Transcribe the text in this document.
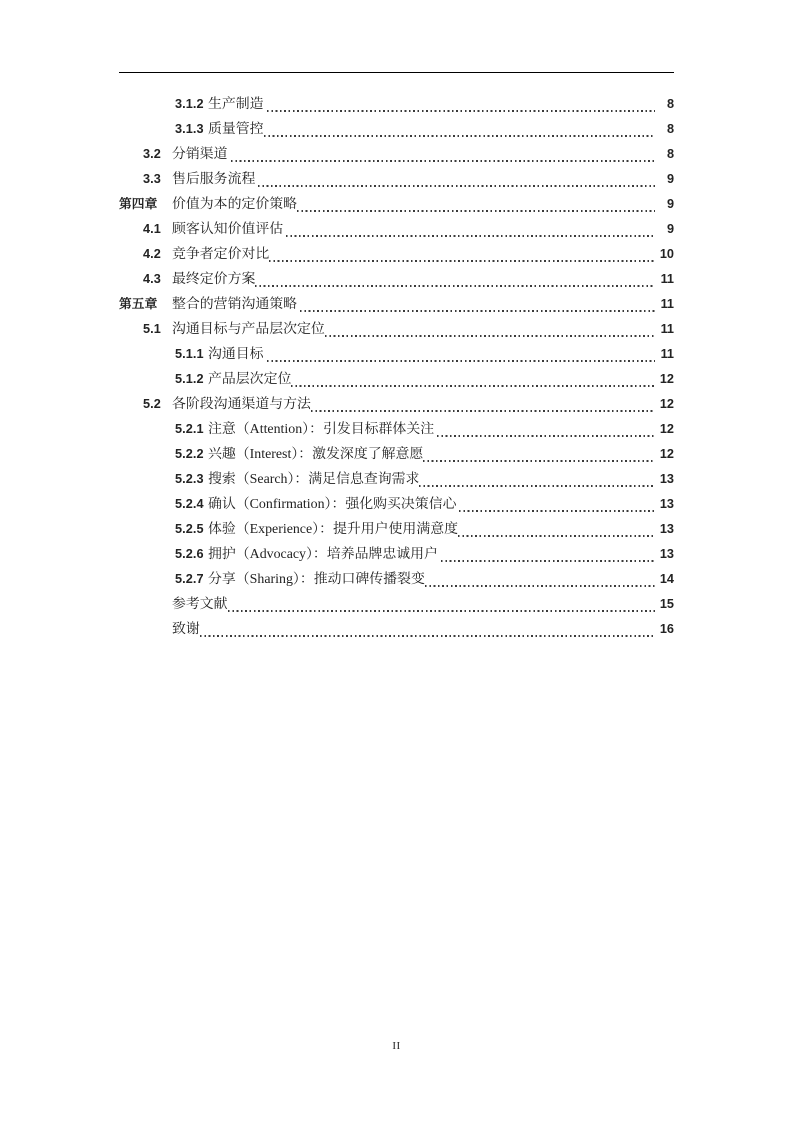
3.1.2 生产制造	8
3.1.3 质量管控	8
3.2 分销渠道	8
3.3 售后服务流程	9
第四章	价值为本的定价策略	9
4.1 顾客认知价值评估	9
4.2 竞争者定价对比	10
4.3 最终定价方案	11
第五章	整合的营销沟通策略	11
5.1 沟通目标与产品层次定位	11
5.1.1 沟通目标	11
5.1.2 产品层次定位	12
5.2 各阶段沟通渠道与方法	12
5.2.1 注意（Attention）：引发目标群体关注	12
5.2.2 兴趣（Interest）：激发深度了解意愿	12
5.2.3 搜索（Search）：满足信息查询需求	13
5.2.4 确认（Confirmation）：强化购买决策信心	13
5.2.5 体验（Experience）：提升用户使用满意度	13
5.2.6 拥护（Advocacy）：培养品牌忠诚用户	13
5.2.7 分享（Sharing）：推动口碑传播裂变	14
参考文献	15
致谢	16
II
